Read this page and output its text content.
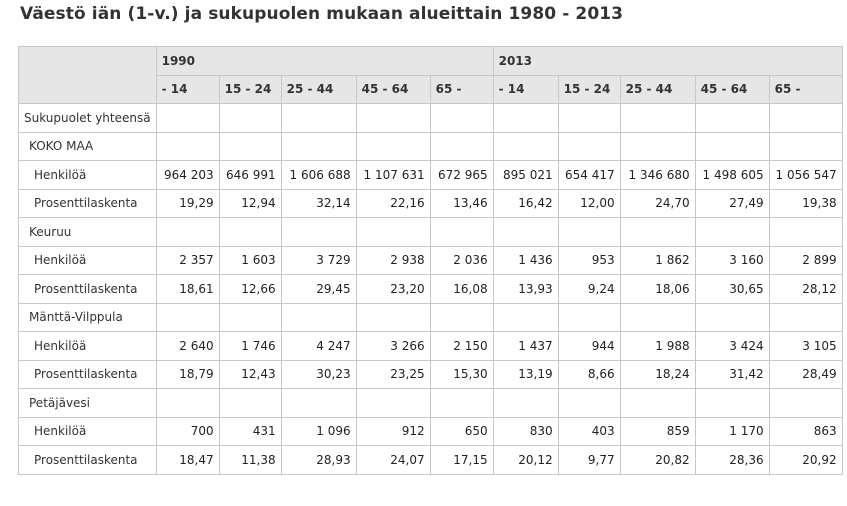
Väestö iän (1-v.) ja sukupuolen mukaan alueittain 1980 - 2013
	1990					2013				
	- 14	15 - 24	25 - 44	45 - 64	65 -	- 14	15 - 24	25 - 44	45 - 64	65 -
Sukupuolet yhteensä										
KOKO MAA										
Henkilöä	964 203	646 991	1 606 688	1 107 631	672 965	895 021	654 417	1 346 680	1 498 605	1 056 547
Prosenttilaskenta	19,29	12,94	32,14	22,16	13,46	16,42	12,00	24,70	27,49	19,38
Keuruu										
Henkilöä	2 357	1 603	3 729	2 938	2 036	1 436	953	1 862	3 160	2 899
Prosenttilaskenta	18,61	12,66	29,45	23,20	16,08	13,93	9,24	18,06	30,65	28,12
Mänttä-Vilppula										
Henkilöä	2 640	1 746	4 247	3 266	2 150	1 437	944	1 988	3 424	3 105
Prosenttilaskenta	18,79	12,43	30,23	23,25	15,30	13,19	8,66	18,24	31,42	28,49
Petäjävesi										
Henkilöä	700	431	1 096	912	650	830	403	859	1 170	863
Prosenttilaskenta	18,47	11,38	28,93	24,07	17,15	20,12	9,77	20,82	28,36	20,92
